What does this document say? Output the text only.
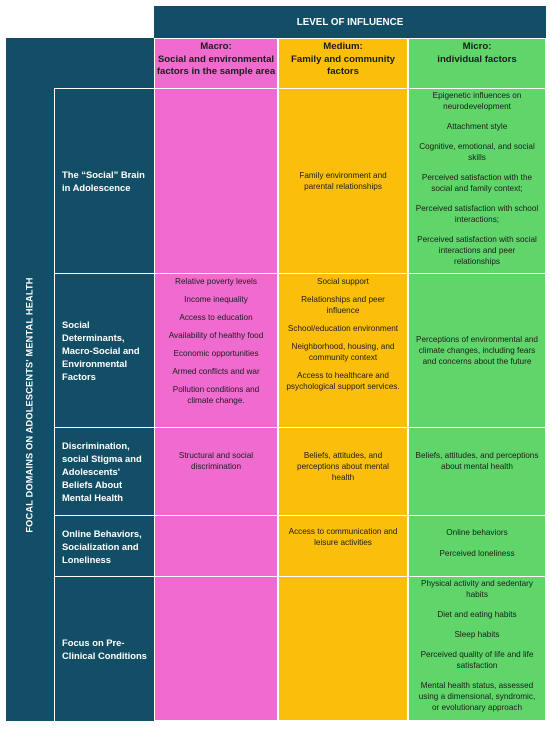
LEVEL OF INFLUENCE
FOCAL DOMAINS ON ADOLESCENTS' MENTAL HEALTH
The “Social” Brain in Adolescence
Social Determinants, Macro-Social and Environmental Factors
Discrimination, social Stigma and Adolescents' Beliefs About Mental Health
Online Behaviors, Socialization and Loneliness
Focus on Pre-Clinical Conditions
Macro:
Social and environmental factors in the sample area
Medium:
Family and community factors
Micro:
individual factors
Family environment and parental relationships
Epigenetic influences on neurodevelopment
Attachment style
Cognitive, emotional, and social skills
Perceived satisfaction with the social and family context;
Perceived satisfaction with school interactions;
Perceived satisfaction with social interactions and peer relationships
Relative poverty levels
Income inequality
Access to education
Availability of healthy food
Economic opportunities
Armed conflicts and war
Pollution conditions and climate change.
Social support
Relationships and peer influence
School/education environment
Neighborhood, housing, and community context
Access to healthcare and psychological support services.
Perceptions of environmental and climate changes, including fears and concerns about the future
Structural and social discrimination
Beliefs, attitudes, and perceptions about mental health
Beliefs, attitudes, and perceptions about mental health
Access to communication and leisure activities
Online behaviors
Perceived loneliness
Physical activity and sedentary habits
Diet and eating habits
Sleep habits
Perceived quality of life and life satisfaction
Mental health status, assessed using a dimensional, syndromic, or evolutionary approach
